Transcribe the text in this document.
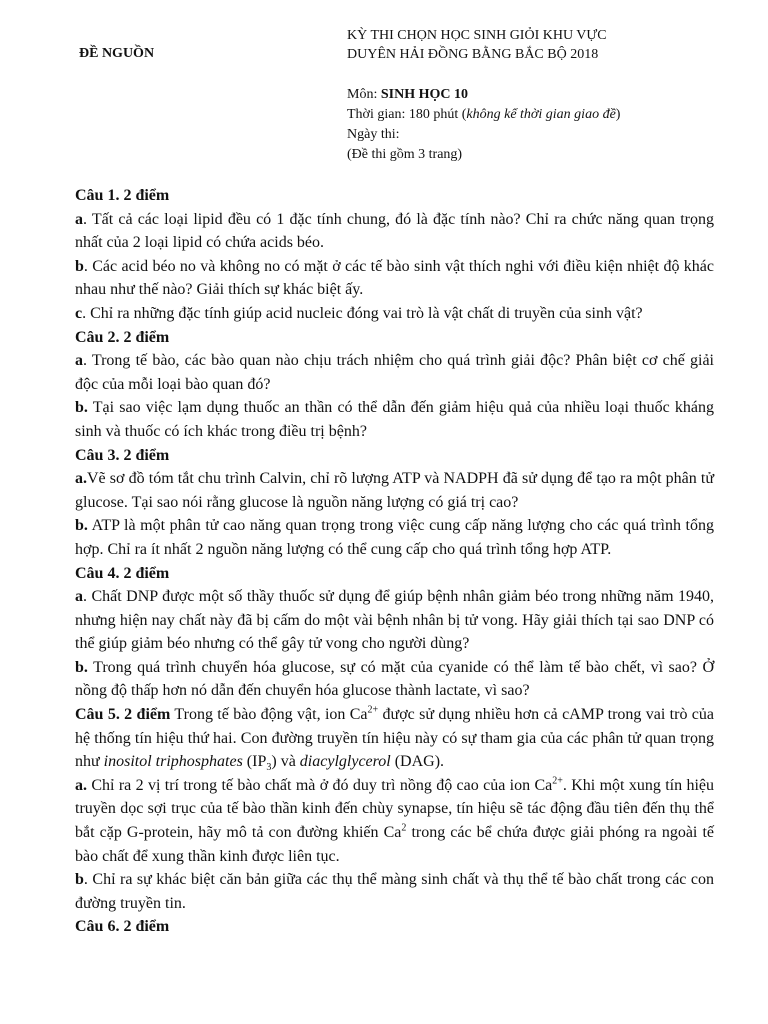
ĐỀ NGUỒN
KỲ THI CHỌN HỌC SINH GIỎI KHU VỰC
DUYÊN HẢI ĐỒNG BẰNG BẮC BỘ 2018
Môn: SINH HỌC 10
Thời gian: 180 phút (không kể thời gian giao đề)
Ngày thi:
(Đề thi gồm 3 trang)
Câu 1. 2 điểm

a. Tất cả các loại lipid đều có 1 đặc tính chung, đó là đặc tính nào? Chỉ ra chức năng quan trọng nhất của 2 loại lipid có chứa acids béo.

b. Các acid béo no và không no có mặt ở các tế bào sinh vật thích nghi với điều kiện nhiệt độ khác nhau như thế nào? Giải thích sự khác biệt ấy.

c. Chỉ ra những đặc tính giúp acid nucleic đóng vai trò là vật chất di truyền của sinh vật?

Câu 2. 2 điểm

a. Trong tế bào, các bào quan nào chịu trách nhiệm cho quá trình giải độc? Phân biệt cơ chế giải độc của mỗi loại bào quan đó?

b. Tại sao việc lạm dụng thuốc an thần có thể dẫn đến giảm hiệu quả của nhiều loại thuốc kháng sinh và thuốc có ích khác trong điều trị bệnh?

Câu 3. 2 điểm

a.Vẽ sơ đồ tóm tắt chu trình Calvin, chỉ rõ lượng ATP và NADPH đã sử dụng để tạo ra một phân tử glucose. Tại sao nói rằng glucose là nguồn năng lượng có giá trị cao?

b. ATP là một phân tử cao năng quan trọng trong việc cung cấp năng lượng cho các quá trình tổng hợp. Chỉ ra ít nhất 2 nguồn năng lượng có thể cung cấp cho quá trình tổng hợp ATP.

Câu 4. 2 điểm

a. Chất DNP được một số thầy thuốc sử dụng để giúp bệnh nhân giảm béo trong những năm 1940, nhưng hiện nay chất này đã bị cấm do một vài bệnh nhân bị tử vong. Hãy giải thích tại sao DNP có thể giúp giảm béo nhưng có thể gây tử vong cho người dùng?

b. Trong quá trình chuyển hóa glucose, sự có mặt của cyanide có thể làm tế bào chết, vì sao? Ở nồng độ thấp hơn nó dẫn đến chuyển hóa glucose thành lactate, vì sao?

Câu 5. 2 điểm Trong tế bào động vật, ion $Ca^{2+}$ được sử dụng nhiều hơn cả cAMP trong vai trò của hệ thống tín hiệu thứ hai. Con đường truyền tín hiệu này có sự tham gia của các phân tử quan trọng như inositol triphosphates $(IP_3)$ và diacylglycerol (DAG).

a. Chỉ ra 2 vị trí trong tế bào chất mà ở đó duy trì nồng độ cao của ion $Ca^{2+}$. Khi một xung tín hiệu truyền dọc sợi trục của tế bào thần kinh đến chùy synapse, tín hiệu sẽ tác động đầu tiên đến thụ thể bắt cặp G-protein, hãy mô tả con đường khiến Ca$^2$ trong các bể chứa được giải phóng ra ngoài tế bào chất để xung thần kinh được liên tục.

b. Chỉ ra sự khác biệt căn bản giữa các thụ thể màng sinh chất và thụ thể tế bào chất trong các con đường truyền tin.

Câu 6. 2 điểm
